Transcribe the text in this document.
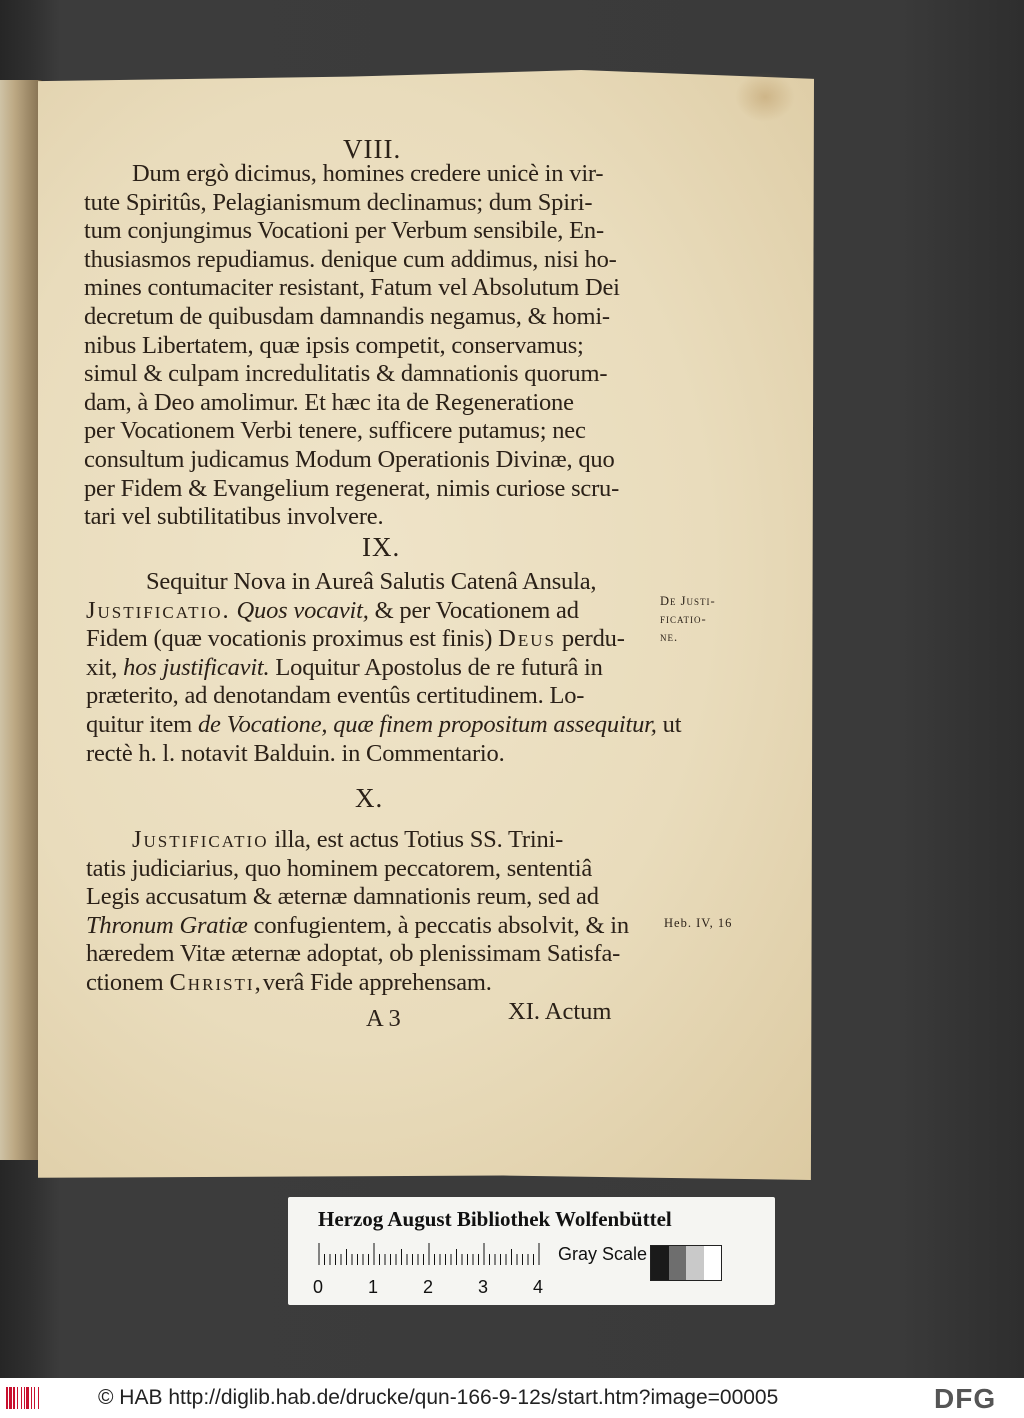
VIII.
Dum ergò dicimus, homines credere unicè in vir-
tute Spiritûs, Pelagianismum declinamus; dum Spiri-
tum conjungimus Vocationi per Verbum sensibile, En-
thusiasmos repudiamus. denique cum addimus, nisi ho-
mines contumaciter resistant, Fatum vel Absolutum Dei
decretum de quibusdam damnandis negamus, & homi-
nibus Libertatem, quæ ipsis competit, conservamus;
simul & culpam incredulitatis & damnationis quorum-
dam, à Deo amolimur. Et hæc ita de Regeneratione
per Vocationem Verbi tenere, sufficere putamus; nec
consultum judicamus Modum Operationis Divinæ, quo
per Fidem & Evangelium regenerat, nimis curiose scru-
tari vel subtilitatibus involvere.
IX.
Sequitur Nova in Aureâ Salutis Catenâ Ansula,
Justificatio. Quos vocavit, & per Vocationem ad
Fidem (quæ vocationis proximus est finis) Deus perdu-
xit, hos justificavit. Loquitur Apostolus de re futurâ in
præterito, ad denotandam eventûs certitudinem. Lo-
quitur item de Vocatione, quæ finem propositum assequitur, ut
rectè h. l. notavit Balduin. in Commentario.
De Justi-
ficatio-
ne.
X.
Justificatio illa, est actus Totius SS. Trini-
tatis judiciarius, quo hominem peccatorem, sententiâ
Legis accusatum & æternæ damnationis reum, sed ad
Thronum Gratiæ confugientem, à peccatis absolvit, & in
hæredem Vitæ æternæ adoptat, ob plenissimam Satisfa-
ctionem Christi,verâ Fide apprehensam.
Heb. IV, 16
A 3	XI. Actum
Herzog August Bibliothek Wolfenbüttel
0 1 2 3 4
Gray Scale
© HAB http://diglib.hab.de/drucke/qun-166-9-12s/start.htm?image=00005	DFG
